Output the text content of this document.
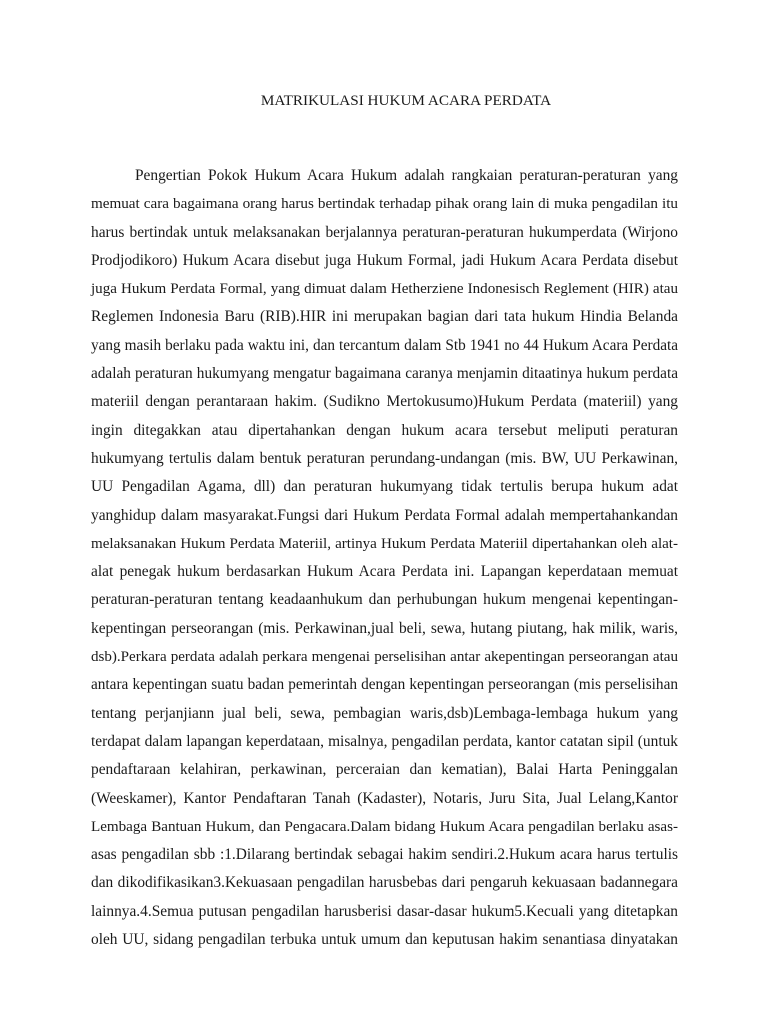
MATRIKULASI HUKUM ACARA PERDATA
Pengertian Pokok Hukum Acara Hukum adalah rangkaian peraturan-peraturan yang
memuat cara bagaimana orang harus bertindak terhadap pihak orang lain di muka pengadilan itu
harus bertindak untuk melaksanakan berjalannya peraturan-peraturan hukumperdata (Wirjono
Prodjodikoro) Hukum Acara disebut juga Hukum Formal, jadi Hukum Acara Perdata disebut
juga Hukum Perdata Formal, yang dimuat dalam Hetherziene Indonesisch Reglement (HIR) atau
Reglemen Indonesia Baru (RIB).HIR ini merupakan bagian dari tata hukum Hindia Belanda
yang masih berlaku pada waktu ini, dan tercantum dalam Stb 1941 no 44 Hukum Acara Perdata
adalah peraturan hukumyang mengatur bagaimana caranya menjamin ditaatinya hukum perdata
materiil dengan perantaraan hakim. (Sudikno Mertokusumo)Hukum Perdata (materiil) yang
ingin ditegakkan atau dipertahankan dengan hukum acara tersebut meliputi peraturan
hukumyang tertulis dalam bentuk peraturan perundang-undangan (mis. BW, UU Perkawinan,
UU Pengadilan Agama, dll) dan peraturan hukumyang tidak tertulis berupa hukum adat
yanghidup dalam masyarakat.Fungsi dari Hukum Perdata Formal adalah mempertahankandan
melaksanakan Hukum Perdata Materiil, artinya Hukum Perdata Materiil dipertahankan oleh alat-
alat penegak hukum berdasarkan Hukum Acara Perdata ini. Lapangan keperdataan memuat
peraturan-peraturan tentang keadaanhukum dan perhubungan hukum mengenai kepentingan-
kepentingan perseorangan (mis. Perkawinan,jual beli, sewa, hutang piutang, hak milik, waris,
dsb).Perkara perdata adalah perkara mengenai perselisihan antar akepentingan perseorangan atau
antara kepentingan suatu badan pemerintah dengan kepentingan perseorangan (mis perselisihan
tentang perjanjiann jual beli, sewa, pembagian waris,dsb)Lembaga-lembaga hukum yang
terdapat dalam lapangan keperdataan, misalnya, pengadilan perdata, kantor catatan sipil (untuk
pendaftaraan kelahiran, perkawinan, perceraian dan kematian), Balai Harta Peninggalan
(Weeskamer), Kantor Pendaftaran Tanah (Kadaster), Notaris, Juru Sita, Jual Lelang,Kantor
Lembaga Bantuan Hukum, dan Pengacara.Dalam bidang Hukum Acara pengadilan berlaku asas-
asas pengadilan sbb :1.Dilarang bertindak sebagai hakim sendiri.2.Hukum acara harus tertulis
dan dikodifikasikan3.Kekuasaan pengadilan harusbebas dari pengaruh kekuasaan badannegara
lainnya.4.Semua putusan pengadilan harusberisi dasar-dasar hukum5.Kecuali yang ditetapkan
oleh UU, sidang pengadilan terbuka untuk umum dan keputusan hakim senantiasa dinyatakan
